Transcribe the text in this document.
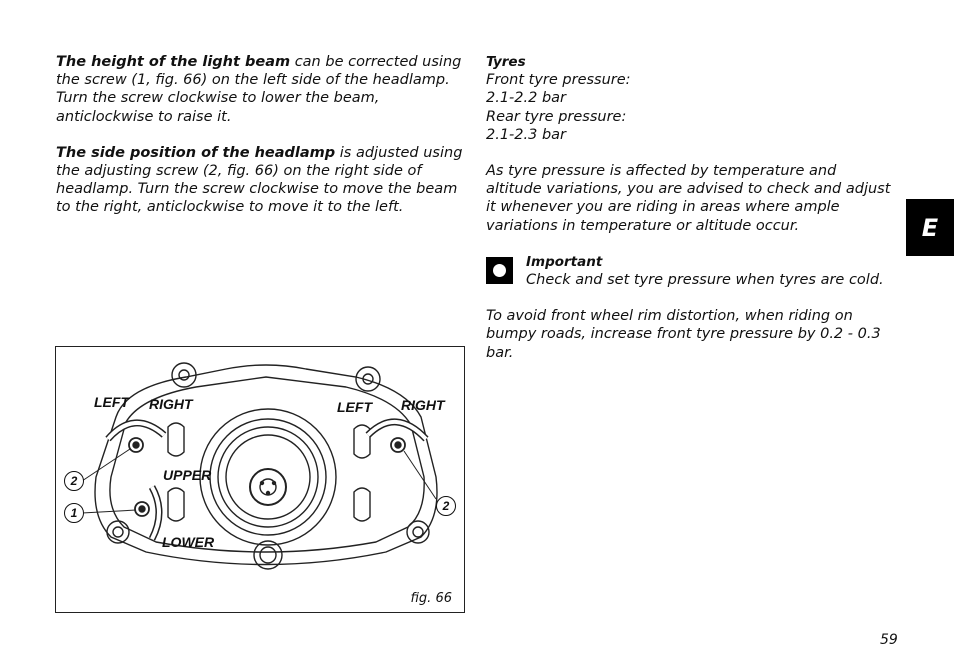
The height of the light beam can be corrected using the screw (1, fig. 66) on the left side of the headlamp. Turn the screw clockwise to lower the beam, anticlockwise to raise it.

The side position of the headlamp is adjusted using the adjusting screw (2, fig. 66) on the right side of headlamp. Turn the screw clockwise to move the beam to the right, anticlockwise to move it to the left.

Tyres

Front tyre pressure:

2.1-2.2 bar

Rear tyre pressure:

2.1-2.3 bar

As tyre pressure is affected by temperature and altitude variations, you are advised to check and adjust it whenever you are riding in areas where ample variations in temperature or altitude occur.

Important

Check and set tyre pressure when tyres are cold.

To avoid front wheel rim distortion, when riding on bumpy roads, increase front tyre pressure by 0.2 - 0.3 bar.

E
LEFT RIGHT	LEFT RIGHT
UPPER
LOWER
2
1	2
fig. 66
59
